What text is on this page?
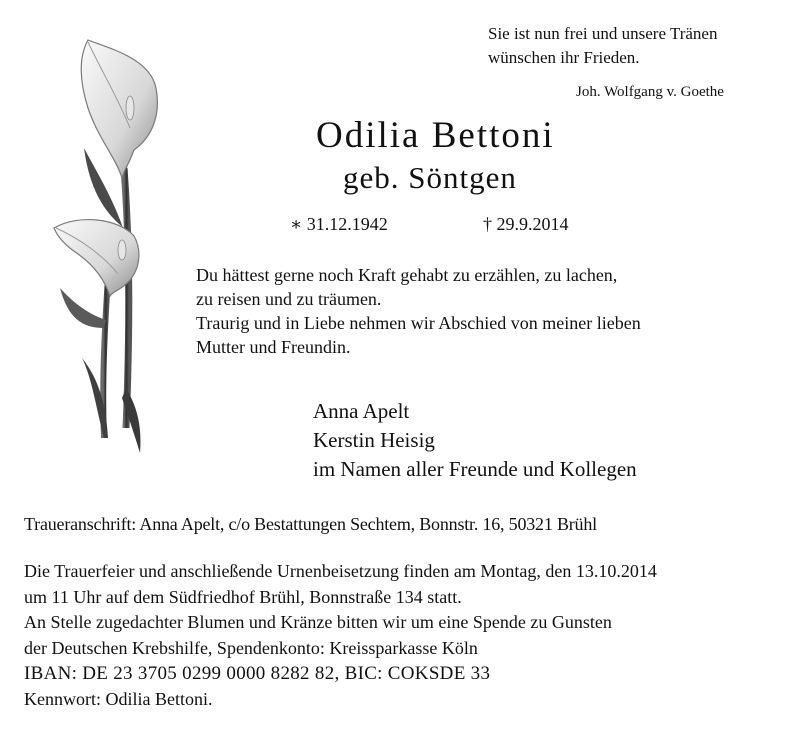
Sie ist nun frei und unsere Tränen
wünschen ihr Frieden.
Joh. Wolfgang v. Goethe
Odilia Bettoni
geb. Söntgen
∗ 31.12.1942	† 29.9.2014
Du hättest gerne noch Kraft gehabt zu erzählen, zu lachen,
zu reisen und zu träumen.
Traurig und in Liebe nehmen wir Abschied von meiner lieben
Mutter und Freundin.
Anna Apelt
Kerstin Heisig
im Namen aller Freunde und Kollegen
Traueranschrift: Anna Apelt, c/o Bestattungen Sechtem, Bonnstr. 16, 50321 Brühl
Die Trauerfeier und anschließende Urnenbeisetzung finden am Montag, den 13.10.2014
um 11 Uhr auf dem Südfriedhof Brühl, Bonnstraße 134 statt.
An Stelle zugedachter Blumen und Kränze bitten wir um eine Spende zu Gunsten
der Deutschen Krebshilfe, Spendenkonto: Kreissparkasse Köln
IBAN: DE 23 3705 0299 0000 8282 82, BIC: COKSDE 33
Kennwort: Odilia Bettoni.
